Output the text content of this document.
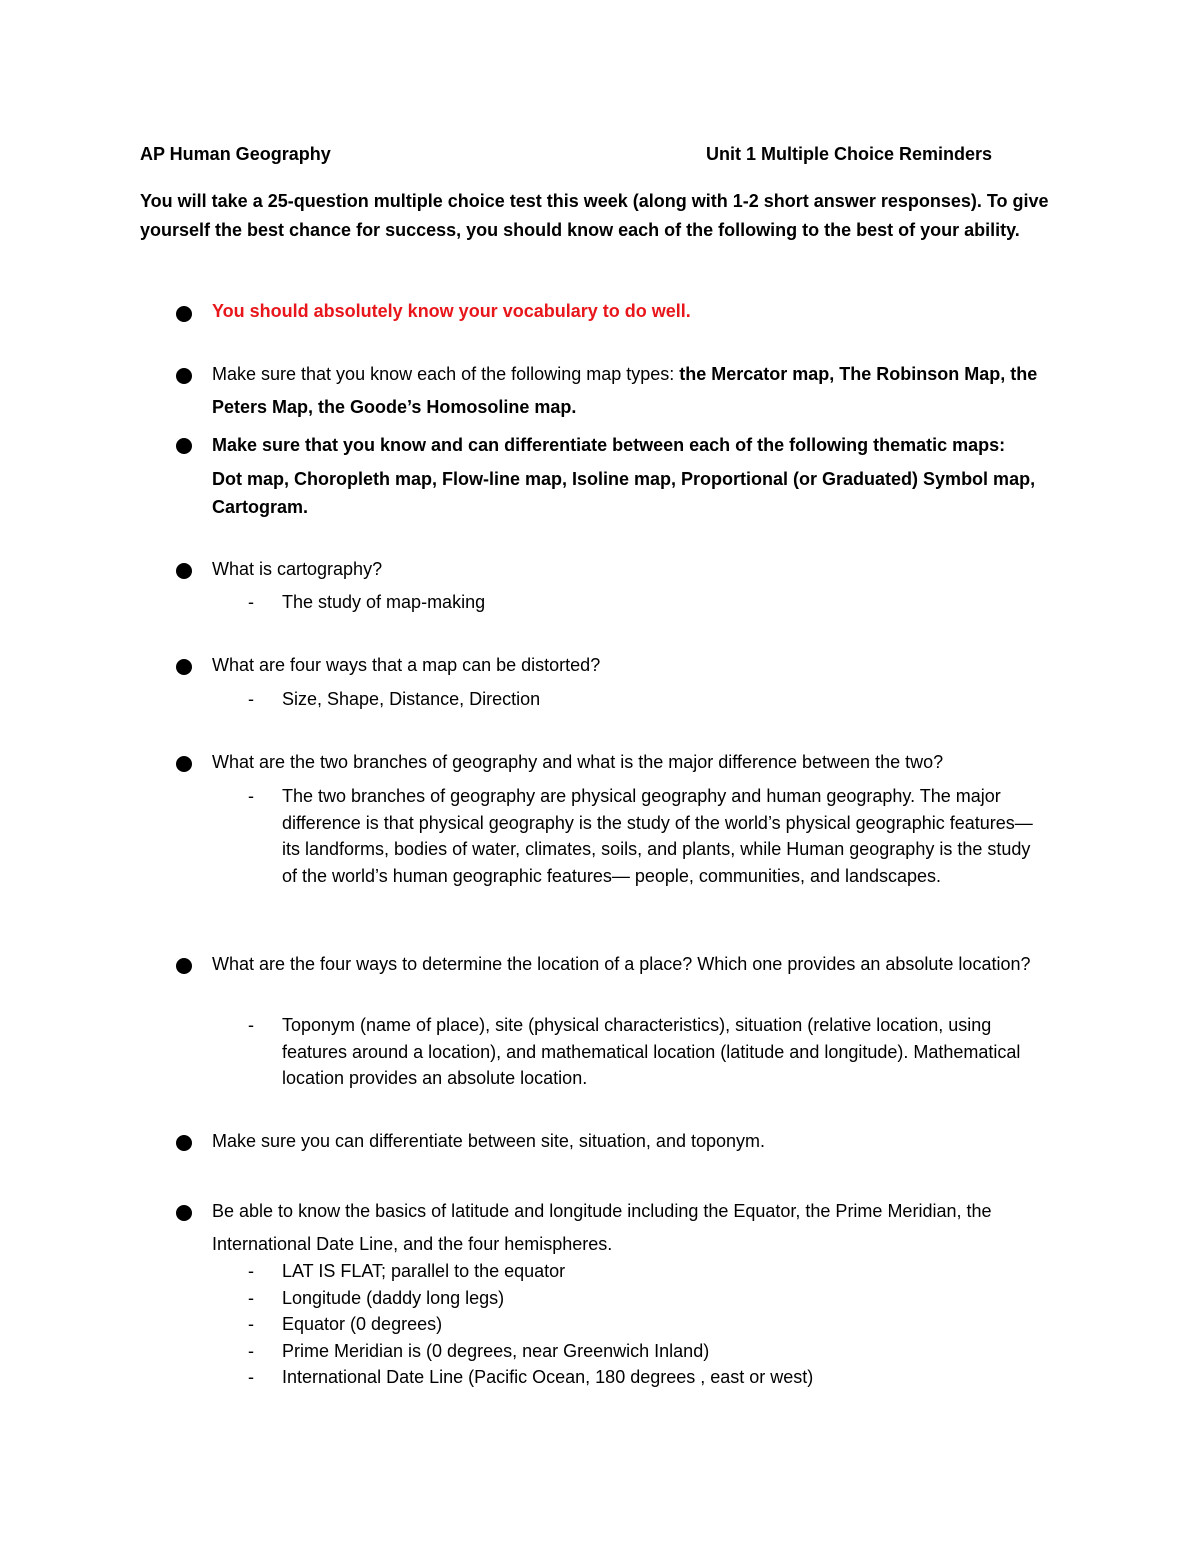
AP Human Geography	Unit 1 Multiple Choice Reminders
You will take a 25-question multiple choice test this week (along with 1-2 short answer responses). To give yourself the best chance for success, you should know each of the following to the best of your ability.
You should absolutely know your vocabulary to do well.
Make sure that you know each of the following map types: the Mercator map, The Robinson Map, the Peters Map, the Goode’s Homosoline map.
Make sure that you know and can differentiate between each of the following thematic maps:
Dot map, Choropleth map, Flow-line map, Isoline map, Proportional (or Graduated) Symbol map, Cartogram.
What is cartography?
-	The study of map-making
What are four ways that a map can be distorted?
-	Size, Shape, Distance, Direction
What are the two branches of geography and what is the major difference between the two?
-	The two branches of geography are physical geography and human geography. The major difference is that physical geography is the study of the world’s physical geographic features—its landforms, bodies of water, climates, soils, and plants, while Human geography is the study of the world’s human geographic features— people, communities, and landscapes.
What are the four ways to determine the location of a place? Which one provides an absolute location?
-	Toponym (name of place), site (physical characteristics), situation (relative location, using features around a location), and mathematical location (latitude and longitude). Mathematical location provides an absolute location.
Make sure you can differentiate between site, situation, and toponym.
Be able to know the basics of latitude and longitude including the Equator, the Prime Meridian, the International Date Line, and the four hemispheres.
-	LAT IS FLAT; parallel to the equator
-	Longitude (daddy long legs)
-	Equator (0 degrees)
-	Prime Meridian is (0 degrees, near Greenwich Inland)
-	International Date Line (Pacific Ocean, 180 degrees , east or west)
